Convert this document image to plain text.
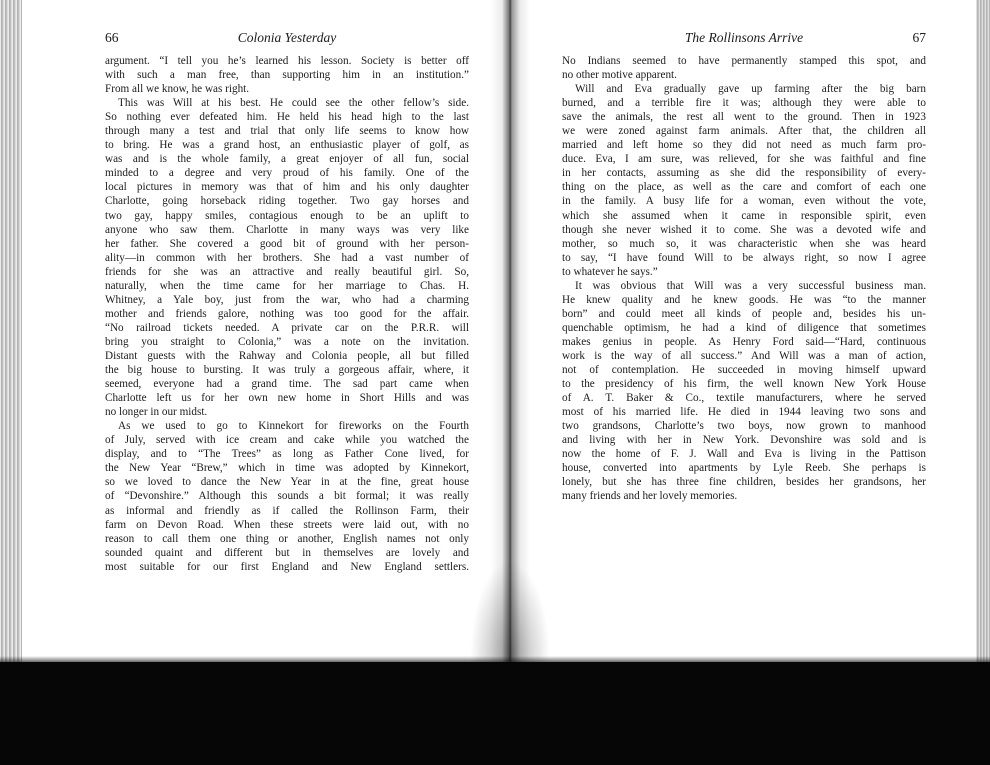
66	Colonia Yesterday
argument. “I tell you he’s learned his lesson. Society is better off
with such a man free, than supporting him in an institution.”
From all we know, he was right.
This was Will at his best. He could see the other fellow’s side.
So nothing ever defeated him. He held his head high to the last
through many a test and trial that only life seems to know how
to bring. He was a grand host, an enthusiastic player of golf, as
was and is the whole family, a great enjoyer of all fun, social
minded to a degree and very proud of his family. One of the
local pictures in memory was that of him and his only daughter
Charlotte, going horseback riding together. Two gay horses and
two gay, happy smiles, contagious enough to be an uplift to
anyone who saw them. Charlotte in many ways was very like
her father. She covered a good bit of ground with her person-
ality—in common with her brothers. She had a vast number of
friends for she was an attractive and really beautiful girl. So,
naturally, when the time came for her marriage to Chas. H.
Whitney, a Yale boy, just from the war, who had a charming
mother and friends galore, nothing was too good for the affair.
“No railroad tickets needed. A private car on the P.R.R. will
bring you straight to Colonia,” was a note on the invitation.
Distant guests with the Rahway and Colonia people, all but filled
the big house to bursting. It was truly a gorgeous affair, where, it
seemed, everyone had a grand time. The sad part came when
Charlotte left us for her own new home in Short Hills and was
no longer in our midst.
As we used to go to Kinnekort for fireworks on the Fourth
of July, served with ice cream and cake while you watched the
display, and to “The Trees” as long as Father Cone lived, for
the New Year “Brew,” which in time was adopted by Kinnekort,
so we loved to dance the New Year in at the fine, great house
of “Devonshire.” Although this sounds a bit formal; it was really
as informal and friendly as if called the Rollinson Farm, their
farm on Devon Road. When these streets were laid out, with no
reason to call them one thing or another, English names not only
sounded quaint and different but in themselves are lovely and
most suitable for our first England and New England settlers.
The Rollinsons Arrive	67
No Indians seemed to have permanently stamped this spot, and
no other motive apparent.
Will and Eva gradually gave up farming after the big barn
burned, and a terrible fire it was; although they were able to
save the animals, the rest all went to the ground. Then in 1923
we were zoned against farm animals. After that, the children all
married and left home so they did not need as much farm pro-
duce. Eva, I am sure, was relieved, for she was faithful and fine
in her contacts, assuming as she did the responsibility of every-
thing on the place, as well as the care and comfort of each one
in the family. A busy life for a woman, even without the vote,
which she assumed when it came in responsible spirit, even
though she never wished it to come. She was a devoted wife and
mother, so much so, it was characteristic when she was heard
to say, “I have found Will to be always right, so now I agree
to whatever he says.”
It was obvious that Will was a very successful business man.
He knew quality and he knew goods. He was “to the manner
born” and could meet all kinds of people and, besides his un-
quenchable optimism, he had a kind of diligence that sometimes
makes genius in people. As Henry Ford said—“Hard, continuous
work is the way of all success.” And Will was a man of action,
not of contemplation. He succeeded in moving himself upward
to the presidency of his firm, the well known New York House
of A. T. Baker & Co., textile manufacturers, where he served
most of his married life. He died in 1944 leaving two sons and
two grandsons, Charlotte’s two boys, now grown to manhood
and living with her in New York. Devonshire was sold and is
now the home of F. J. Wall and Eva is living in the Pattison
house, converted into apartments by Lyle Reeb. She perhaps is
lonely, but she has three fine children, besides her grandsons, her
many friends and her lovely memories.
